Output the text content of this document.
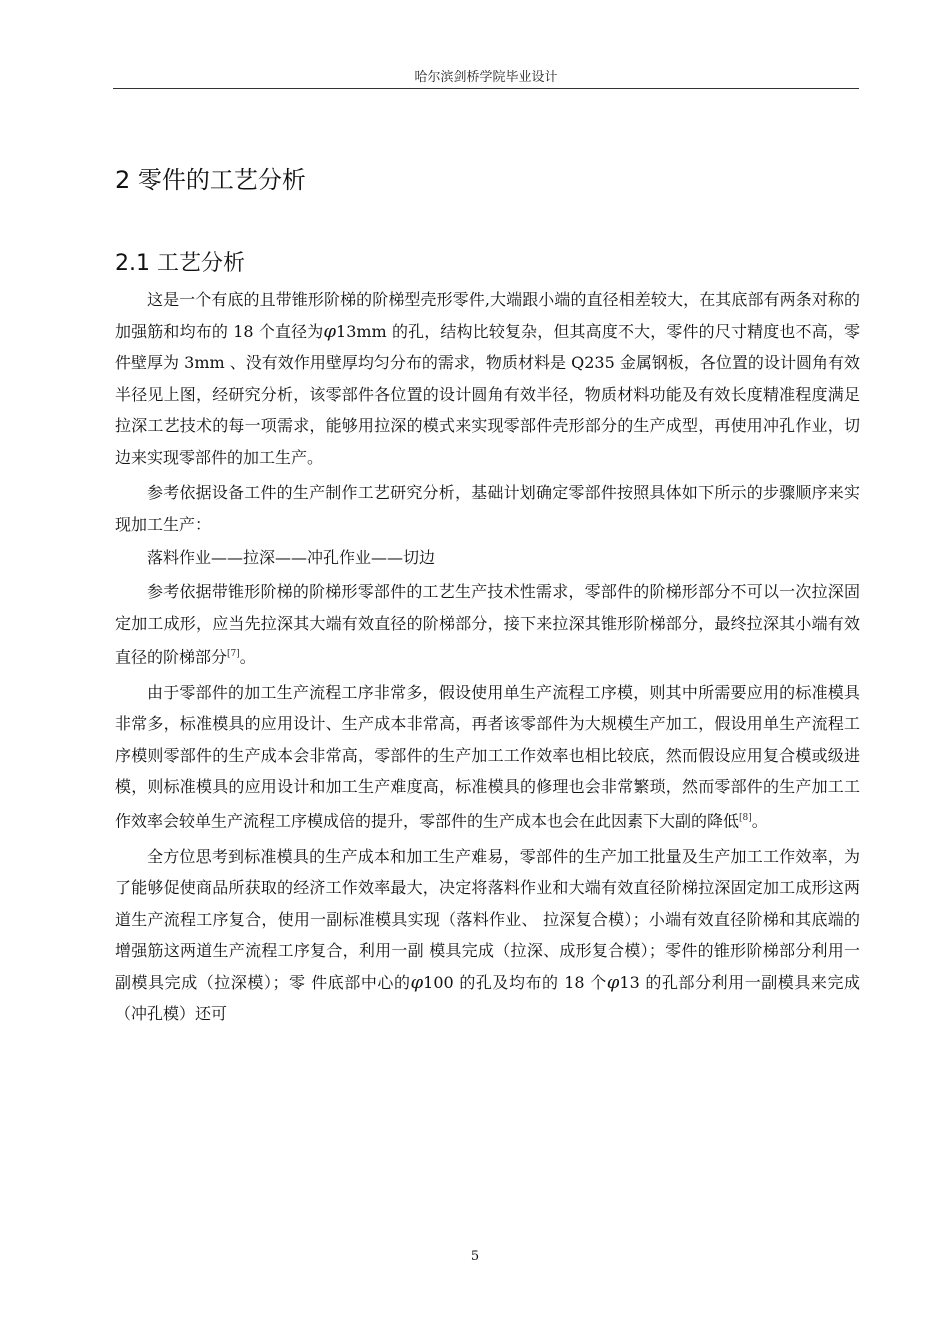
哈尔滨剑桥学院毕业设计
2 零件的工艺分析
2.1 工艺分析

这是一个有底的且带锥形阶梯的阶梯型壳形零件,大端跟小端的直径相差较大，在其底部有两条对称的加强筋和均布的 18 个直径为φ13mm 的孔，结构比较复杂，但其高度不大，零件的尺寸精度也不高，零件壁厚为 3mm 、没有效作用壁厚均匀分布的需求，物质材料是 Q235 金属钢板，各位置的设计圆角有效半径见上图，经研究分析，该零部件各位置的设计圆角有效半径，物质材料功能及有效长度精准程度满足拉深工艺技术的每一项需求，能够用拉深的模式来实现零部件壳形部分的生产成型，再使用冲孔作业，切边来实现零部件的加工生产。

参考依据设备工件的生产制作工艺研究分析，基础计划确定零部件按照具体如下所示的步骤顺序来实现加工生产：

落料作业——拉深——冲孔作业——切边

参考依据带锥形阶梯的阶梯形零部件的工艺生产技术性需求，零部件的阶梯形部分不可以一次拉深固定加工成形，应当先拉深其大端有效直径的阶梯部分，接下来拉深其锥形阶梯部分，最终拉深其小端有效直径的阶梯部分[7]。

由于零部件的加工生产流程工序非常多，假设使用单生产流程工序模，则其中所需要应用的标准模具非常多，标准模具的应用设计、生产成本非常高，再者该零部件为大规模生产加工，假设用单生产流程工序模则零部件的生产成本会非常高，零部件的生产加工工作效率也相比较底，然而假设应用复合模或级进模，则标准模具的应用设计和加工生产难度高，标准模具的修理也会非常繁琐，然而零部件的生产加工工作效率会较单生产流程工序模成倍的提升，零部件的生产成本也会在此因素下大副的降低[8]。

全方位思考到标准模具的生产成本和加工生产难易，零部件的生产加工批量及生产加工工作效率，为了能够促使商品所获取的经济工作效率最大，决定将落料作业和大端有效直径阶梯拉深固定加工成形这两道生产流程工序复合，使用一副标准模具实现（落料作业、 拉深复合模）；小端有效直径阶梯和其底端的增强筋这两道生产流程工序复合，利用一副 模具完成（拉深、成形复合模）；零件的锥形阶梯部分利用一副模具完成（拉深模）；零 件底部中心的φ100 的孔及均布的 18 个φ13 的孔部分利用一副模具来完成（冲孔模）还可

5
